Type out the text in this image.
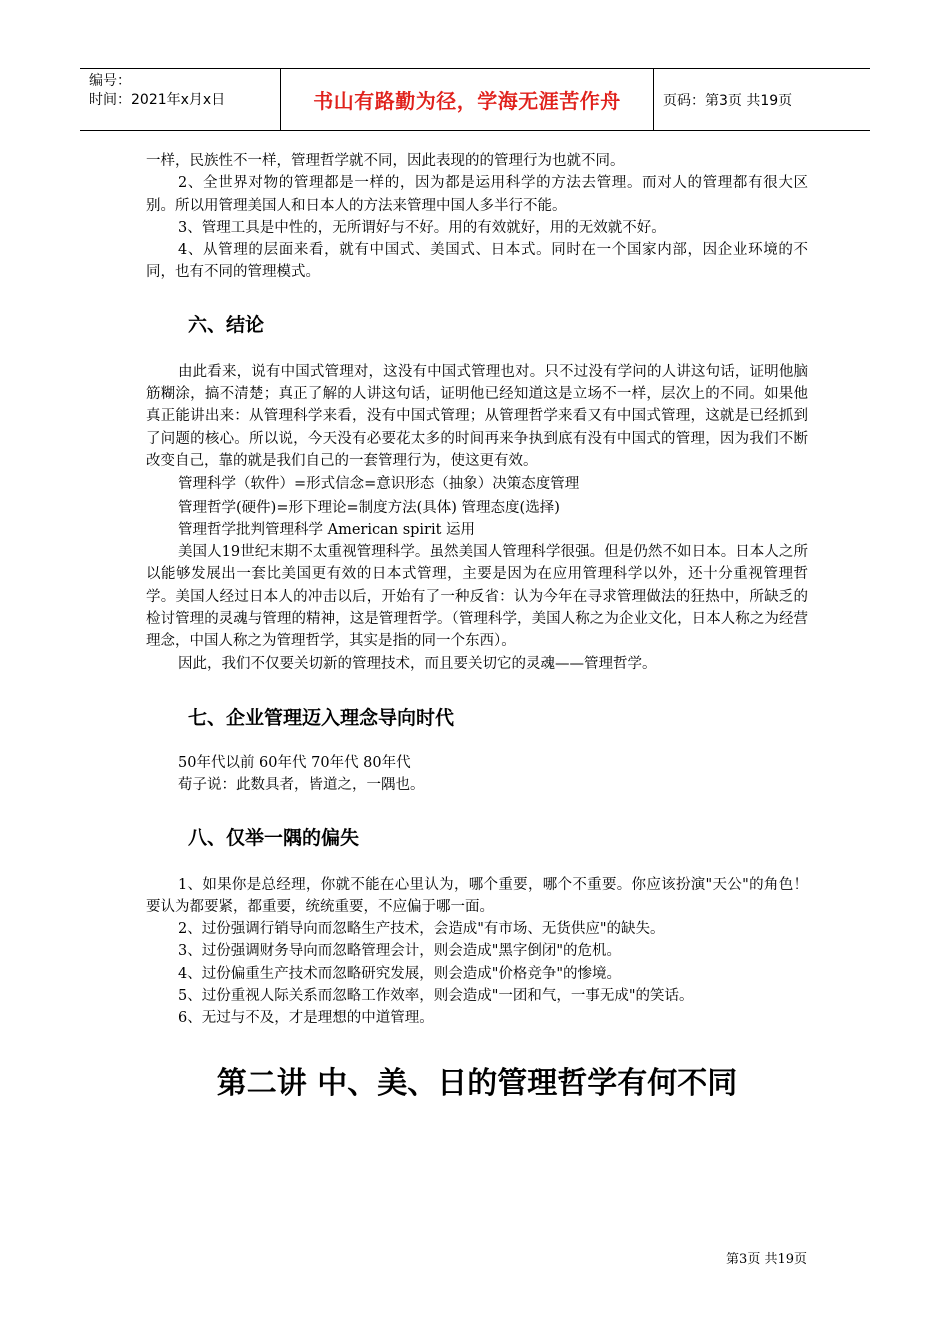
编号：
时间：2021年x月x日	书山有路勤为径，学海无涯苦作舟	页码：第3页 共19页

一样，民族性不一样，管理哲学就不同，因此表现的的管理行为也就不同。

2、全世界对物的管理都是一样的，因为都是运用科学的方法去管理。而对人的管理都有很大区别。所以用管理美国人和日本人的方法来管理中国人多半行不能。

3、管理工具是中性的，无所谓好与不好。用的有效就好，用的无效就不好。

4、从管理的层面来看，就有中国式、美国式、日本式。同时在一个国家内部，因企业环境的不同，也有不同的管理模式。

六、结论

由此看来，说有中国式管理对，这没有中国式管理也对。只不过没有学问的人讲这句话，证明他脑筋糊涂，搞不清楚；真正了解的人讲这句话，证明他已经知道这是立场不一样，层次上的不同。如果他真正能讲出来：从管理科学来看，没有中国式管理；从管理哲学来看又有中国式管理，这就是已经抓到了问题的核心。所以说，今天没有必要花太多的时间再来争执到底有没有中国式的管理，因为我们不断改变自己，靠的就是我们自己的一套管理行为，使这更有效。

管理科学（软件）=形式信念=意识形态（抽象）决策态度管理

管理哲学(硬件)=形下理论=制度方法(具体) 管理态度(选择)

管理哲学批判管理科学 American spirit 运用

美国人19世纪末期不太重视管理科学。虽然美国人管理科学很强。但是仍然不如日本。日本人之所以能够发展出一套比美国更有效的日本式管理，主要是因为在应用管理科学以外，还十分重视管理哲学。美国人经过日本人的冲击以后，开始有了一种反省：认为今年在寻求管理做法的狂热中，所缺乏的检讨管理的灵魂与管理的精神，这是管理哲学。（管理科学，美国人称之为企业文化，日本人称之为经营理念，中国人称之为管理哲学，其实是指的同一个东西）。

因此，我们不仅要关切新的管理技术，而且要关切它的灵魂——管理哲学。

七、企业管理迈入理念导向时代

50年代以前 60年代 70年代 80年代

荀子说：此数具者，皆道之，一隅也。

八、仅举一隅的偏失

1、如果你是总经理，你就不能在心里认为，哪个重要，哪个不重要。你应该扮演"天公"的角色！要认为都要紧，都重要，统统重要，不应偏于哪一面。

2、过份强调行销导向而忽略生产技术，会造成"有市场、无货供应"的缺失。

3、过份强调财务导向而忽略管理会计，则会造成"黑字倒闭"的危机。

4、过份偏重生产技术而忽略研究发展，则会造成"价格竞争"的惨境。

5、过份重视人际关系而忽略工作效率，则会造成"一团和气，一事无成"的笑话。

6、无过与不及，才是理想的中道管理。

第二讲 中、美、日的管理哲学有何不同
第3页 共19页
